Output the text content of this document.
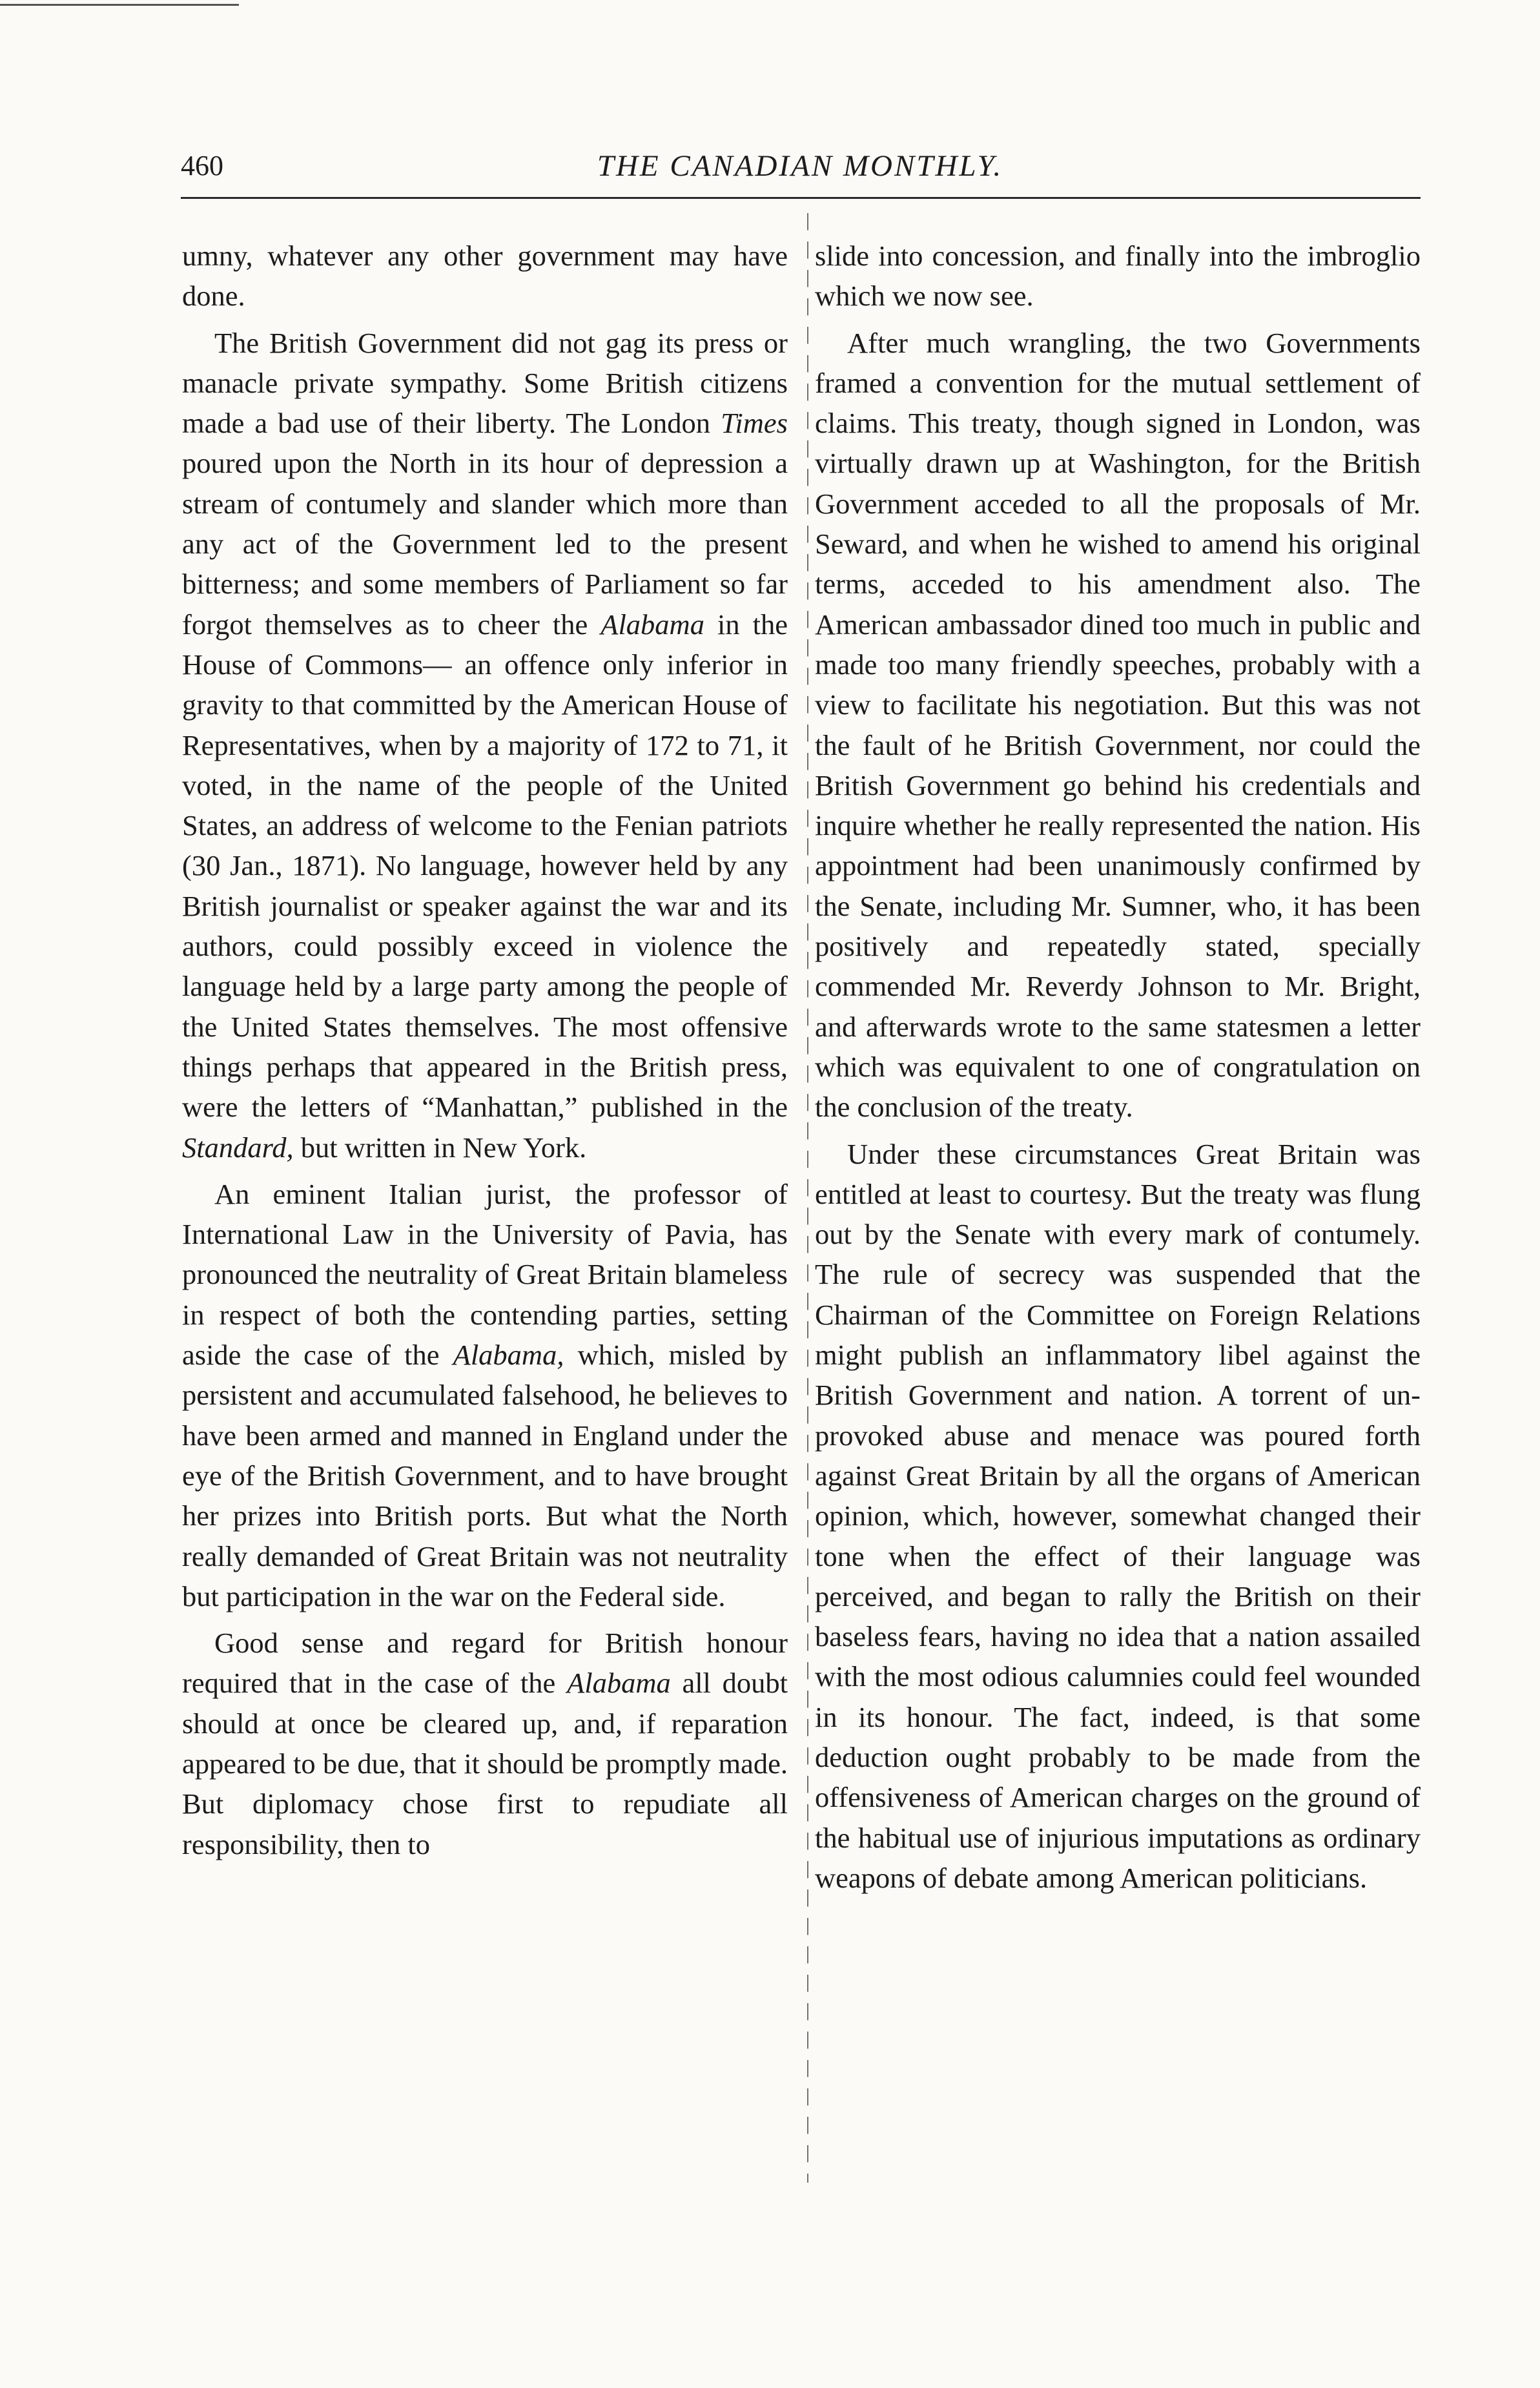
460	THE CANADIAN MONTHLY.

umny, whatever any other government may have done.

The British Government did not gag its press or manacle private sympathy. Some British citizens made a bad use of their liberty. The London Times poured upon the North in its hour of depression a stream of contumely and slander which more than any act of the Government led to the present bitterness; and some members of Parliament so far forgot themselves as to cheer the Alabama in the House of Commons— an offence only inferior in gravity to that committed by the American House of Representatives, when by a majority of 172 to 71, it voted, in the name of the people of the United States, an address of welcome to the Fenian patriots (30 Jan., 1871). No language, however held by any British journalist or speaker against the war and its authors, could possibly exceed in violence the language held by a large party among the people of the United States themselves. The most offensive things perhaps that appeared in the British press, were the letters of “Manhattan,” published in the Standard, but written in New York.

An eminent Italian jurist, the professor of International Law in the University of Pavia, has pronounced the neutrality of Great Britain blameless in respect of both the contending parties, setting aside the case of the Alabama, which, misled by persistent and accumulated falsehood, he believes to have been armed and manned in England under the eye of the British Government, and to have brought her prizes into British ports. But what the North really demanded of Great Britain was not neutrality but participation in the war on the Federal side.

Good sense and regard for British honour required that in the case of the Alabama all doubt should at once be cleared up, and, if reparation appeared to be due, that it should be promptly made. But diplomacy chose first to repudiate all responsibility, then to

slide into concession, and finally into the imbroglio which we now see.

After much wrangling, the two Governments framed a convention for the mutual settlement of claims. This treaty, though signed in London, was virtually drawn up at Washington, for the British Government acceded to all the proposals of Mr. Seward, and when he wished to amend his original terms, acceded to his amendment also. The American ambassador dined too much in public and made too many friendly speeches, probably with a view to facilitate his negotiation. But this was not the fault of he British Government, nor could the British Government go behind his credentials and inquire whether he really represented the nation. His appointment had been unanimously confirmed by the Senate, including Mr. Sumner, who, it has been positively and repeatedly stated, specially commended Mr. Reverdy Johnson to Mr. Bright, and afterwards wrote to the same statesmen a letter which was equivalent to one of congratulation on the conclusion of the treaty.

Under these circumstances Great Britain was entitled at least to courtesy. But the treaty was flung out by the Senate with every mark of contumely. The rule of secrecy was suspended that the Chairman of the Committee on Foreign Relations might publish an inflammatory libel against the British Government and nation. A torrent of unprovoked abuse and menace was poured forth against Great Britain by all the organs of American opinion, which, however, somewhat changed their tone when the effect of their language was perceived, and began to rally the British on their baseless fears, having no idea that a nation assailed with the most odious calumnies could feel wounded in its honour. The fact, indeed, is that some deduction ought probably to be made from the offensiveness of American charges on the ground of the habitual use of injurious imputations as ordinary weapons of debate among American politicians.
